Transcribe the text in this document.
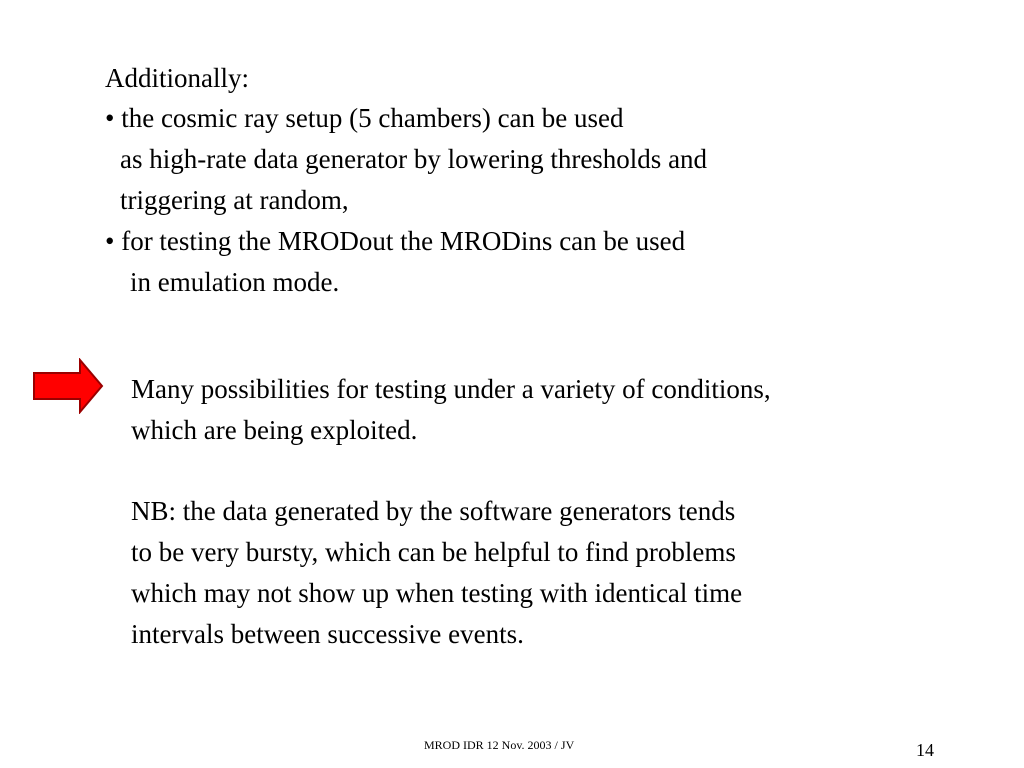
Additionally:
• the cosmic ray setup (5 chambers) can be used
as high-rate data generator by lowering thresholds and
triggering at random,
• for testing the MRODout the MRODins can be used
in emulation mode.
Many possibilities for testing under a variety of conditions,
which are being exploited.
NB: the data generated by the software generators tends
to be very bursty, which can be helpful to find problems
which may not show up when testing with identical time
intervals between successive events.
MROD IDR 12 Nov. 2003 / JV	14
